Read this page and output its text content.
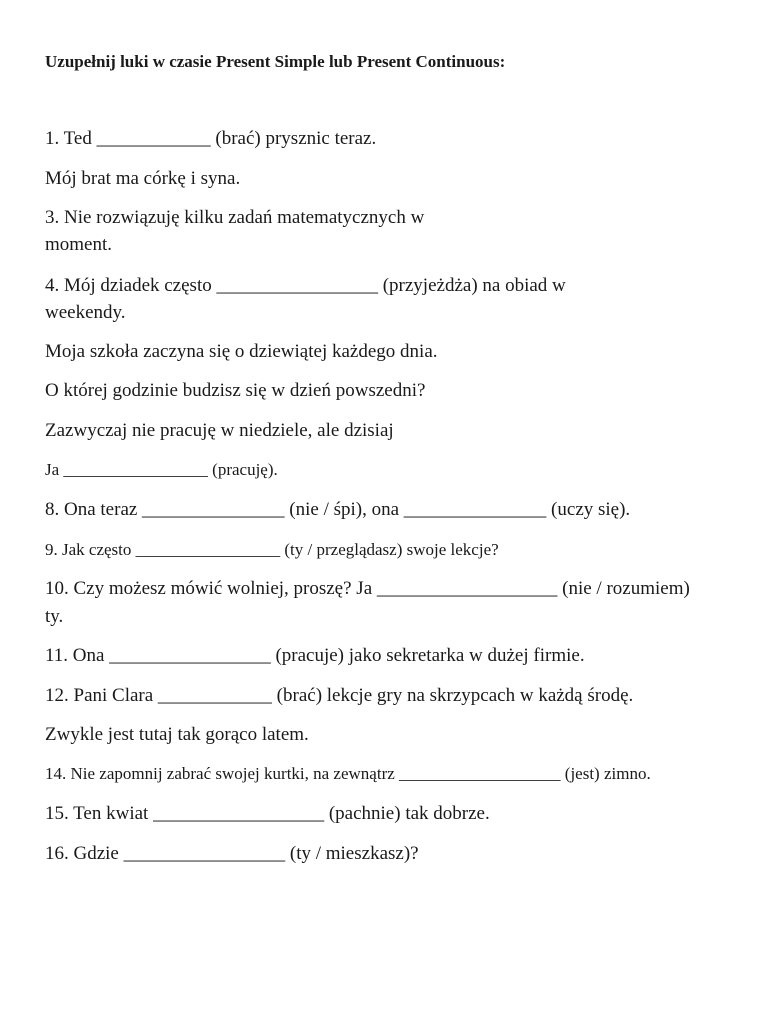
Uzupełnij luki w czasie Present Simple lub Present Continuous:
1. Ted ____________ (brać) prysznic teraz.
Mój brat ma córkę i syna.
3. Nie rozwiązuję kilku zadań matematycznych w
moment.
4. Mój dziadek często _________________ (przyjeżdża) na obiad w
weekendy.
Moja szkoła zaczyna się o dziewiątej każdego dnia.
O której godzinie budzisz się w dzień powszedni?
Zazwyczaj nie pracuję w niedziele, ale dzisiaj
Ja _________________ (pracuję).
8. Ona teraz _______________ (nie / śpi), ona _______________ (uczy się).
9. Jak często _________________ (ty / przeglądasz) swoje lekcje?
10. Czy możesz mówić wolniej, proszę? Ja ___________________ (nie / rozumiem)
ty.
11. Ona _________________ (pracuje) jako sekretarka w dużej firmie.
12. Pani Clara ____________ (brać) lekcje gry na skrzypcach w każdą środę.
Zwykle jest tutaj tak gorąco latem.
14. Nie zapomnij zabrać swojej kurtki, na zewnątrz ___________________ (jest) zimno.
15. Ten kwiat __________________ (pachnie) tak dobrze.
16. Gdzie _________________ (ty / mieszkasz)?
